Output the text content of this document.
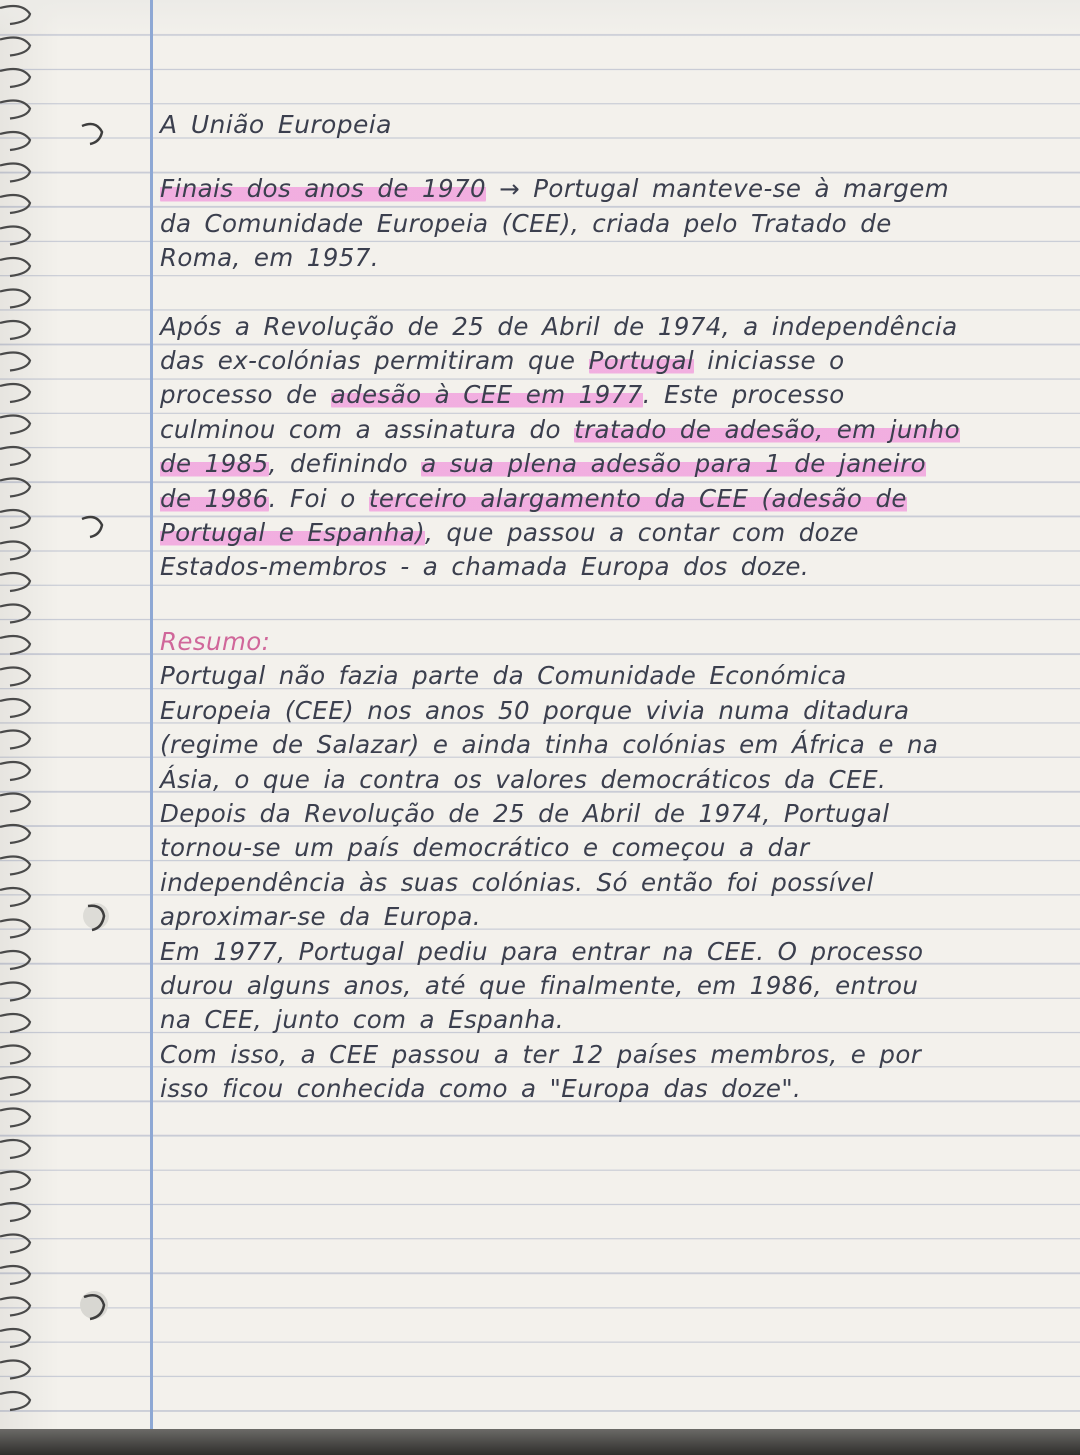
A União Europeia

Finais dos anos de 1970 → Portugal manteve-se à margem da Comunidade Europeia (CEE), criada pelo Tratado de Roma, em 1957.

Após a Revolução de 25 de Abril de 1974, a independência das ex-colónias permitiram que Portugal iniciasse o processo de adesão à CEE em 1977. Este processo culminou com a assinatura do tratado de adesão, em junho de 1985, definindo a sua plena adesão para 1 de janeiro de 1986. Foi o terceiro alargamento da CEE (adesão de Portugal e Espanha), que passou a contar com doze Estados-membros - a chamada Europa dos doze.

Resumo:

Portugal não fazia parte da Comunidade Económica Europeia (CEE) nos anos 50 porque vivia numa ditadura (regime de Salazar) e ainda tinha colónias em África e na Ásia, o que ia contra os valores democráticos da CEE.

Depois da Revolução de 25 de Abril de 1974, Portugal tornou-se um país democrático e começou a dar independência às suas colónias. Só então foi possível aproximar-se da Europa.

Em 1977, Portugal pediu para entrar na CEE. O processo durou alguns anos, até que finalmente, em 1986, entrou na CEE, junto com a Espanha.

Com isso, a CEE passou a ter 12 países membros, e por isso ficou conhecida como a "Europa das doze".
